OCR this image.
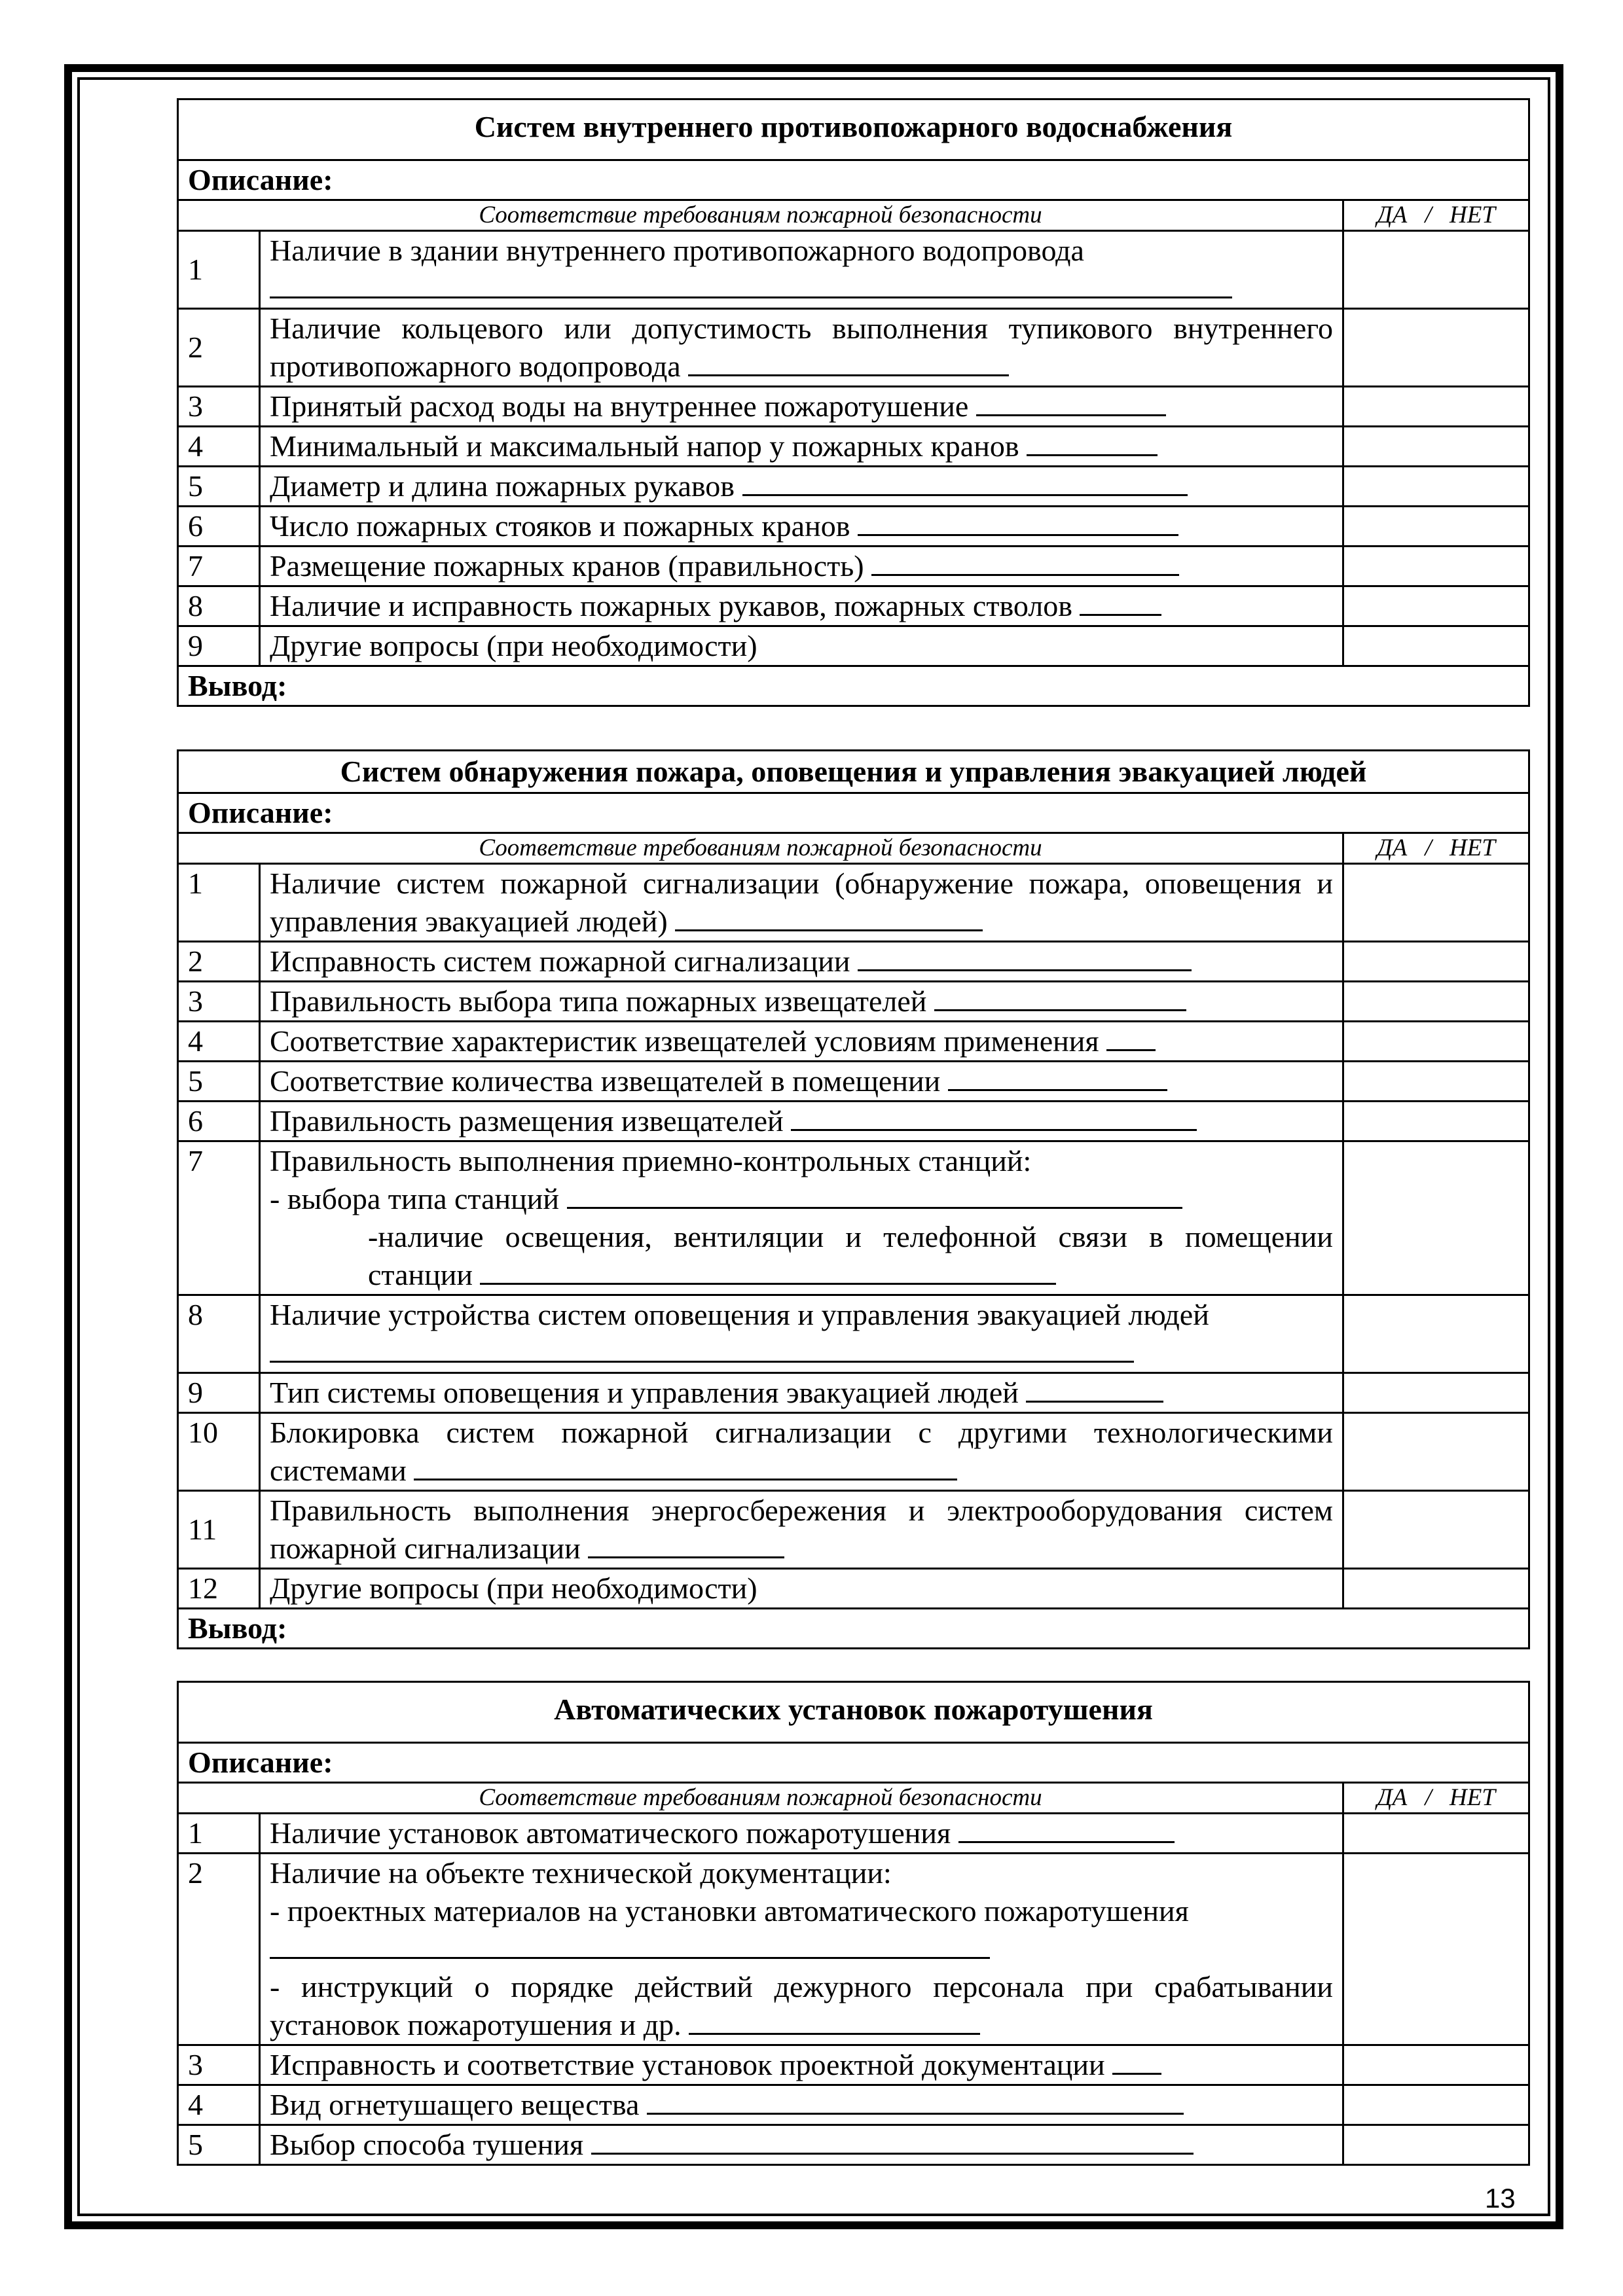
Систем внутреннего противопожарного водоснабжения		
Описание:		
Соответствие требованиям пожарной безопасности		ДА / НЕТ
1	Наличие в здании внутреннего противопожарного водопровода

2	Наличие кольцевого или допустимость выполнения тупикового внутреннего противопожарного водопровода	
3	Принятый расход воды на внутреннее пожаротушение	
4	Минимальный и максимальный напор у пожарных кранов	
5	Диаметр и длина пожарных рукавов	
6	Число пожарных стояков и пожарных кранов	
7	Размещение пожарных кранов (правильность)	
8	Наличие и исправность пожарных рукавов, пожарных стволов	
9	Другие вопросы (при необходимости)	
Вывод:		
Систем обнаружения пожара, оповещения и управления эвакуацией людей		
Описание:		
Соответствие требованиям пожарной безопасности		ДА / НЕТ
1	Наличие систем пожарной сигнализации (обнаружение пожара, оповещения и управления эвакуацией людей)	
2	Исправность систем пожарной сигнализации	
3	Правильность выбора типа пожарных извещателей	
4	Соответствие характеристик извещателей условиям применения	
5	Соответствие количества извещателей в помещении	
6	Правильность размещения извещателей	
7	Правильность выполнения приемно-контрольных станций:
- выбора типа станций
-наличие освещения, вентиляции и телефонной связи в помещении станции	

8	Наличие устройства систем оповещения и управления эвакуацией людей

9	Тип системы оповещения и управления эвакуацией людей	
10	Блокировка систем пожарной сигнализации с другими технологическими системами	
11	Правильность выполнения энергосбережения и электрооборудования систем пожарной сигнализации	
12	Другие вопросы (при необходимости)	
Вывод:		
Автоматических установок пожаротушения		
Описание:		
Соответствие требованиям пожарной безопасности		ДА / НЕТ
1	Наличие установок автоматического пожаротушения	
2	Наличие на объекте технической документации:
- проектных материалов на установки автоматического пожаротушения

- инструкций о порядке действий дежурного персонала при срабатывании установок пожаротушения и др.	

3	Исправность и соответствие установок проектной документации	
4	Вид огнетушащего вещества	
5	Выбор способа тушения	
13
